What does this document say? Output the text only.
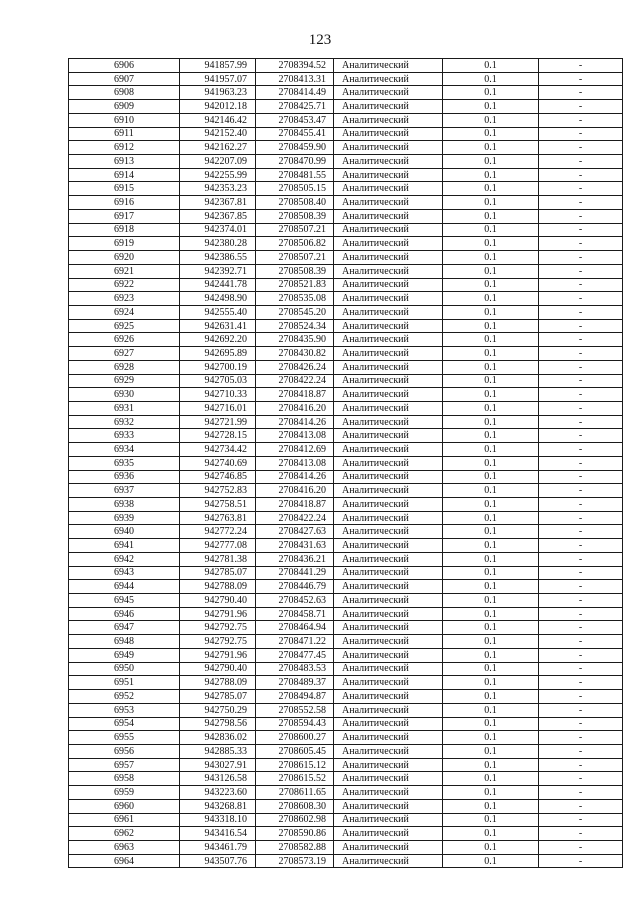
123
6906	941857.99	2708394.52	Аналитический	0.1	-
6907	941957.07	2708413.31	Аналитический	0.1	-
6908	941963.23	2708414.49	Аналитический	0.1	-
6909	942012.18	2708425.71	Аналитический	0.1	-
6910	942146.42	2708453.47	Аналитический	0.1	-
6911	942152.40	2708455.41	Аналитический	0.1	-
6912	942162.27	2708459.90	Аналитический	0.1	-
6913	942207.09	2708470.99	Аналитический	0.1	-
6914	942255.99	2708481.55	Аналитический	0.1	-
6915	942353.23	2708505.15	Аналитический	0.1	-
6916	942367.81	2708508.40	Аналитический	0.1	-
6917	942367.85	2708508.39	Аналитический	0.1	-
6918	942374.01	2708507.21	Аналитический	0.1	-
6919	942380.28	2708506.82	Аналитический	0.1	-
6920	942386.55	2708507.21	Аналитический	0.1	-
6921	942392.71	2708508.39	Аналитический	0.1	-
6922	942441.78	2708521.83	Аналитический	0.1	-
6923	942498.90	2708535.08	Аналитический	0.1	-
6924	942555.40	2708545.20	Аналитический	0.1	-
6925	942631.41	2708524.34	Аналитический	0.1	-
6926	942692.20	2708435.90	Аналитический	0.1	-
6927	942695.89	2708430.82	Аналитический	0.1	-
6928	942700.19	2708426.24	Аналитический	0.1	-
6929	942705.03	2708422.24	Аналитический	0.1	-
6930	942710.33	2708418.87	Аналитический	0.1	-
6931	942716.01	2708416.20	Аналитический	0.1	-
6932	942721.99	2708414.26	Аналитический	0.1	-
6933	942728.15	2708413.08	Аналитический	0.1	-
6934	942734.42	2708412.69	Аналитический	0.1	-
6935	942740.69	2708413.08	Аналитический	0.1	-
6936	942746.85	2708414.26	Аналитический	0.1	-
6937	942752.83	2708416.20	Аналитический	0.1	-
6938	942758.51	2708418.87	Аналитический	0.1	-
6939	942763.81	2708422.24	Аналитический	0.1	-
6940	942772.24	2708427.63	Аналитический	0.1	-
6941	942777.08	2708431.63	Аналитический	0.1	-
6942	942781.38	2708436.21	Аналитический	0.1	-
6943	942785.07	2708441.29	Аналитический	0.1	-
6944	942788.09	2708446.79	Аналитический	0.1	-
6945	942790.40	2708452.63	Аналитический	0.1	-
6946	942791.96	2708458.71	Аналитический	0.1	-
6947	942792.75	2708464.94	Аналитический	0.1	-
6948	942792.75	2708471.22	Аналитический	0.1	-
6949	942791.96	2708477.45	Аналитический	0.1	-
6950	942790.40	2708483.53	Аналитический	0.1	-
6951	942788.09	2708489.37	Аналитический	0.1	-
6952	942785.07	2708494.87	Аналитический	0.1	-
6953	942750.29	2708552.58	Аналитический	0.1	-
6954	942798.56	2708594.43	Аналитический	0.1	-
6955	942836.02	2708600.27	Аналитический	0.1	-
6956	942885.33	2708605.45	Аналитический	0.1	-
6957	943027.91	2708615.12	Аналитический	0.1	-
6958	943126.58	2708615.52	Аналитический	0.1	-
6959	943223.60	2708611.65	Аналитический	0.1	-
6960	943268.81	2708608.30	Аналитический	0.1	-
6961	943318.10	2708602.98	Аналитический	0.1	-
6962	943416.54	2708590.86	Аналитический	0.1	-
6963	943461.79	2708582.88	Аналитический	0.1	-
6964	943507.76	2708573.19	Аналитический	0.1	-
